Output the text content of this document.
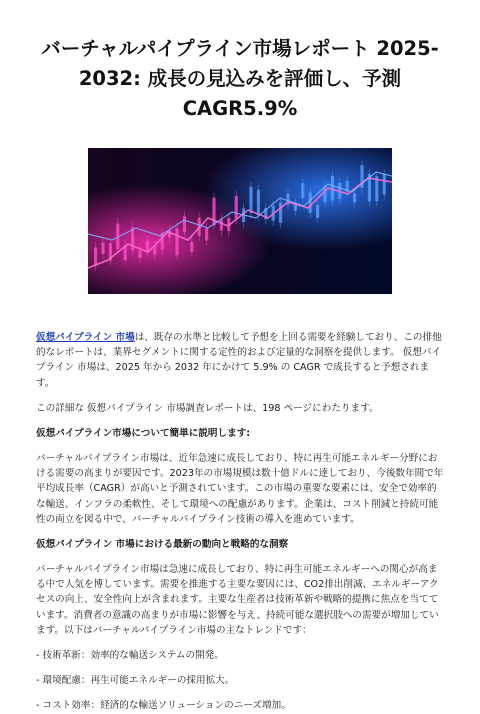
バーチャルパイプライン市場レポート 2025-2032: 成長の見込みを評価し、予測CAGR5.9%

仮想パイプライン 市場は、既存の水準と比較して予想を上回る需要を経験しており、この排他的なレポートは、業界セグメントに関する定性的および定量的な洞察を提供します。 仮想パイプライン 市場は、2025 年から 2032 年にかけて 5.9% の CAGR で成長すると予想されます。

この詳細な 仮想パイプライン 市場調査レポートは、198 ページにわたります。

仮想パイプライン市場について簡単に説明します:

バーチャルパイプライン市場は、近年急速に成長しており、特に再生可能エネルギー分野における需要の高まりが要因です。2023年の市場規模は数十億ドルに達しており、今後数年間で年平均成長率（CAGR）が高いと予測されています。この市場の重要な要素には、安全で効率的な輸送、インフラの柔軟性、そして環境への配慮があります。企業は、コスト削減と持続可能性の両立を図る中で、バーチャルパイプライン技術の導入を進めています。

仮想パイプライン 市場における最新の動向と戦略的な洞察

バーチャルパイプライン市場は急速に成長しており、特に再生可能エネルギーへの関心が高まる中で人気を博しています。需要を推進する主要な要因には、CO2排出削減、エネルギーアクセスの向上、安全性向上が含まれます。主要な生産者は技術革新や戦略的提携に焦点を当てています。消費者の意識の高まりが市場に影響を与え、持続可能な選択肢への需要が増加しています。以下はバーチャルパイプライン市場の主なトレンドです：

- 技術革新：効率的な輸送システムの開発。

- 環境配慮：再生可能エネルギーの採用拡大。

- コスト効率：経済的な輸送ソリューションのニーズ増加。
